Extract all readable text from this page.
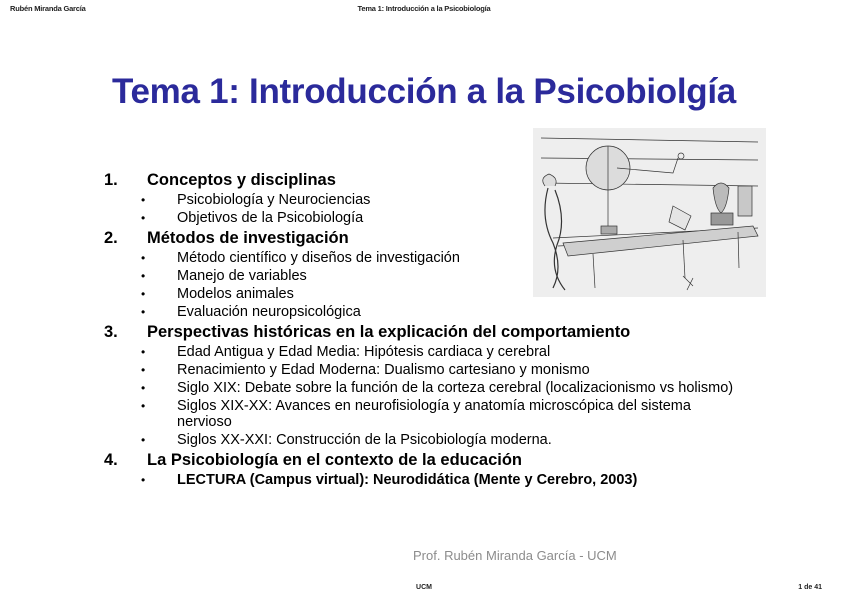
Rubén Miranda García	Tema 1: Introducción a la Psicobiología
Tema 1: Introducción a la Psicobiolgía
1.	Conceptos y disciplinas
•	Psicobiología y Neurociencias
•	Objetivos de la Psicobiología
2.	Métodos de investigación
•	Método científico y diseños de investigación
•	Manejo de variables
•	Modelos animales
•	Evaluación neuropsicológica
3.	Perspectivas históricas en la explicación del comportamiento
•	Edad Antigua y Edad Media: Hipótesis cardiaca y cerebral
•	Renacimiento y Edad Moderna: Dualismo cartesiano y monismo
•	Siglo XIX: Debate sobre la función de la corteza cerebral (localizacionismo vs holismo)
•	Siglos XIX-XX: Avances en neurofisiología y anatomía microscópica del sistema nervioso
•	Siglos XX-XXI: Construcción de la Psicobiología moderna.
4.	La Psicobiología en el contexto de la educación
•	LECTURA (Campus virtual): Neurodidática (Mente y Cerebro, 2003)
Prof. Rubén Miranda García - UCM
UCM	1 de 41
